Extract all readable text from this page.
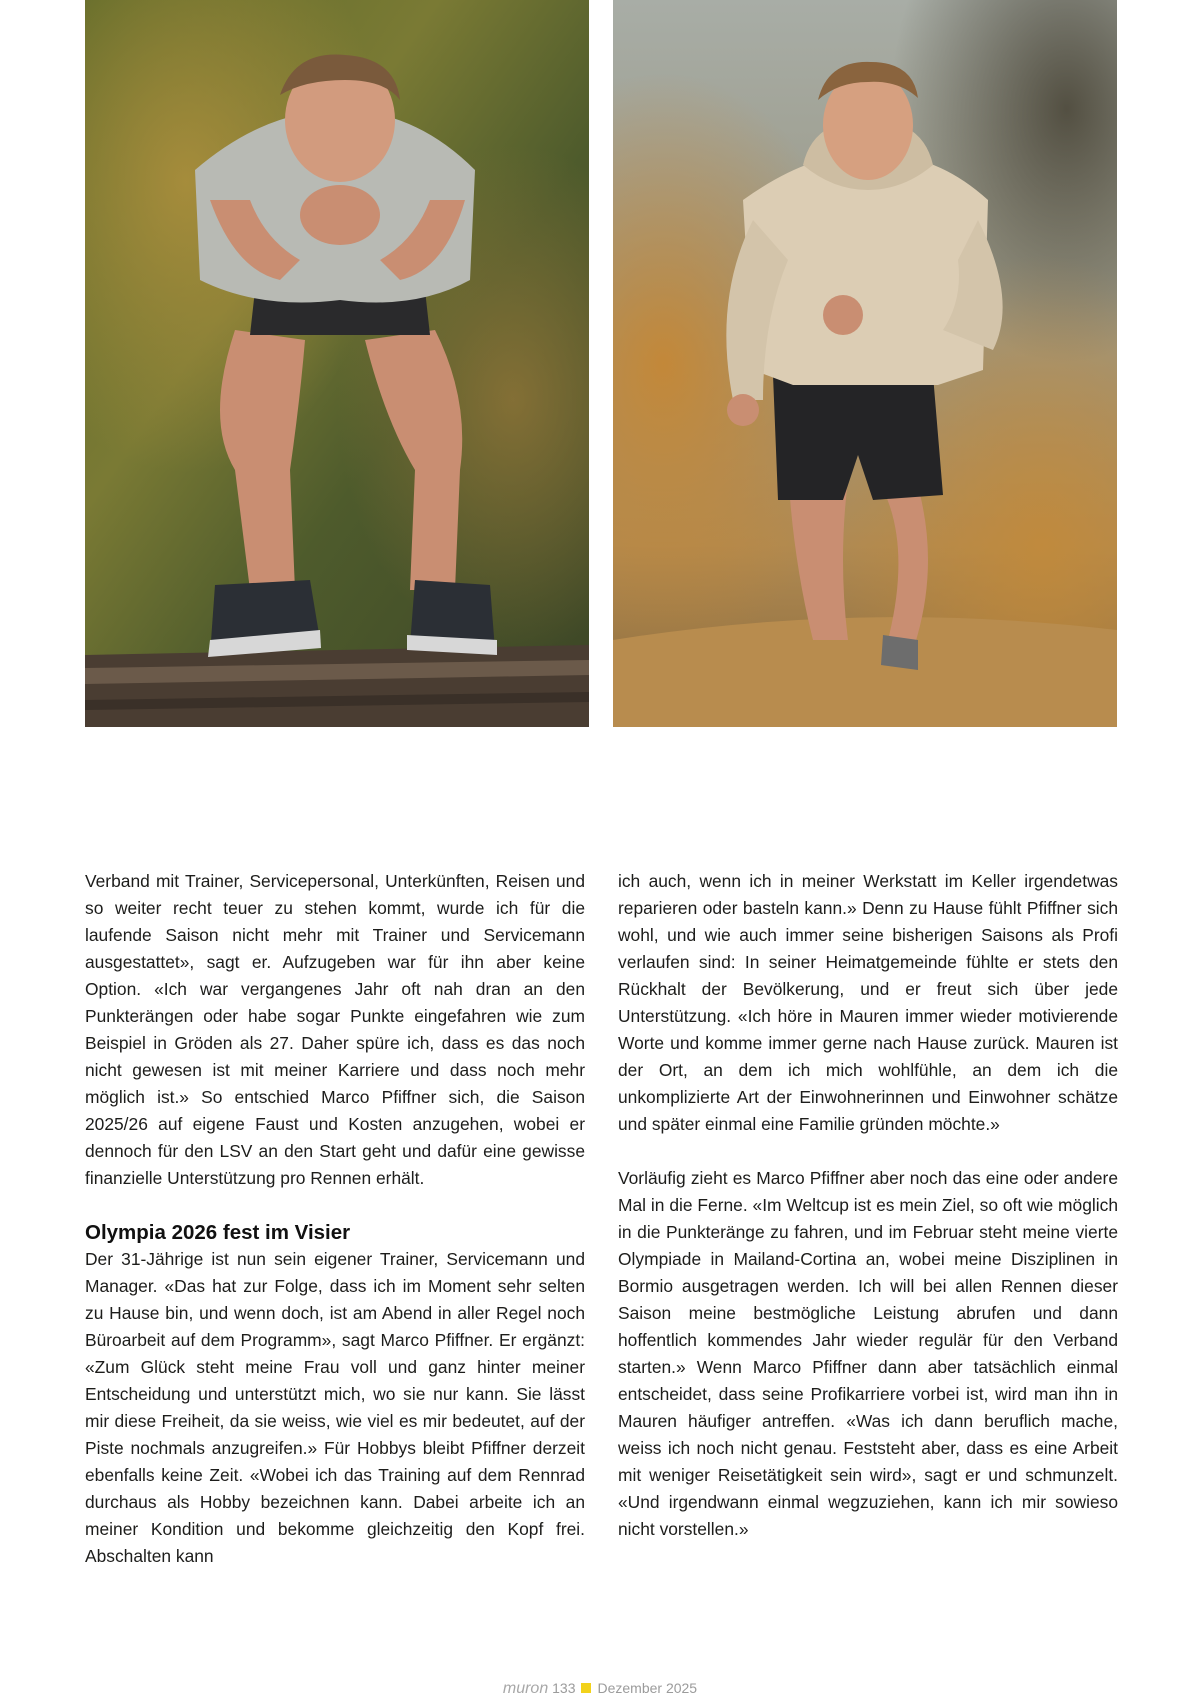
Verband mit Trainer, Servicepersonal, Unterkünften, Reisen und so weiter recht teuer zu stehen kommt, wurde ich für die laufende Saison nicht mehr mit Trainer und Servicemann ausgestattet», sagt er. Aufzugeben war für ihn aber keine Option. «Ich war vergangenes Jahr oft nah dran an den Punkterängen oder habe sogar Punkte eingefahren wie zum Beispiel in Gröden als 27. Daher spüre ich, dass es das noch nicht gewesen ist mit meiner Karriere und dass noch mehr möglich ist.» So entschied Marco Pfiffner sich, die Saison 2025/26 auf eigene Faust und Kosten anzugehen, wobei er dennoch für den LSV an den Start geht und dafür eine gewisse finanzielle Unterstützung pro Rennen erhält.

Olympia 2026 fest im Visier

Der 31-Jährige ist nun sein eigener Trainer, Servicemann und Manager. «Das hat zur Folge, dass ich im Moment sehr selten zu Hause bin, und wenn doch, ist am Abend in aller Regel noch Büroarbeit auf dem Programm», sagt Marco Pfiffner. Er ergänzt: «Zum Glück steht meine Frau voll und ganz hinter meiner Entscheidung und unterstützt mich, wo sie nur kann. Sie lässt mir diese Freiheit, da sie weiss, wie viel es mir bedeutet, auf der Piste nochmals anzugreifen.» Für Hobbys bleibt Pfiffner derzeit ebenfalls keine Zeit. «Wobei ich das Training auf dem Rennrad durchaus als Hobby bezeichnen kann. Dabei arbeite ich an meiner Kondition und bekomme gleichzeitig den Kopf frei. Abschalten kann

ich auch, wenn ich in meiner Werkstatt im Keller irgendetwas reparieren oder basteln kann.» Denn zu Hause fühlt Pfiffner sich wohl, und wie auch immer seine bisherigen Saisons als Profi verlaufen sind: In seiner Heimatgemeinde fühlte er stets den Rückhalt der Bevölkerung, und er freut sich über jede Unterstützung. «Ich höre in Mauren immer wieder motivierende Worte und komme immer gerne nach Hause zurück. Mauren ist der Ort, an dem ich mich wohlfühle, an dem ich die unkomplizierte Art der Einwohnerinnen und Einwohner schätze und später einmal eine Familie gründen möchte.»

Vorläufig zieht es Marco Pfiffner aber noch das eine oder andere Mal in die Ferne. «Im Weltcup ist es mein Ziel, so oft wie möglich in die Punkteränge zu fahren, und im Februar steht meine vierte Olympiade in Mailand-Cortina an, wobei meine Disziplinen in Bormio ausgetragen werden. Ich will bei allen Rennen dieser Saison meine bestmögliche Leistung abrufen und dann hoffentlich kommendes Jahr wieder regulär für den Verband starten.» Wenn Marco Pfiffner dann aber tatsächlich einmal entscheidet, dass seine Profikarriere vorbei ist, wird man ihn in Mauren häufiger antreffen. «Was ich dann beruflich mache, weiss ich noch nicht genau. Feststeht aber, dass es eine Arbeit mit weniger Reisetätigkeit sein wird», sagt er und schmunzelt. «Und irgendwann einmal wegzuziehen, kann ich mir sowieso nicht vorstellen.»

muron 133 Dezember 2025
